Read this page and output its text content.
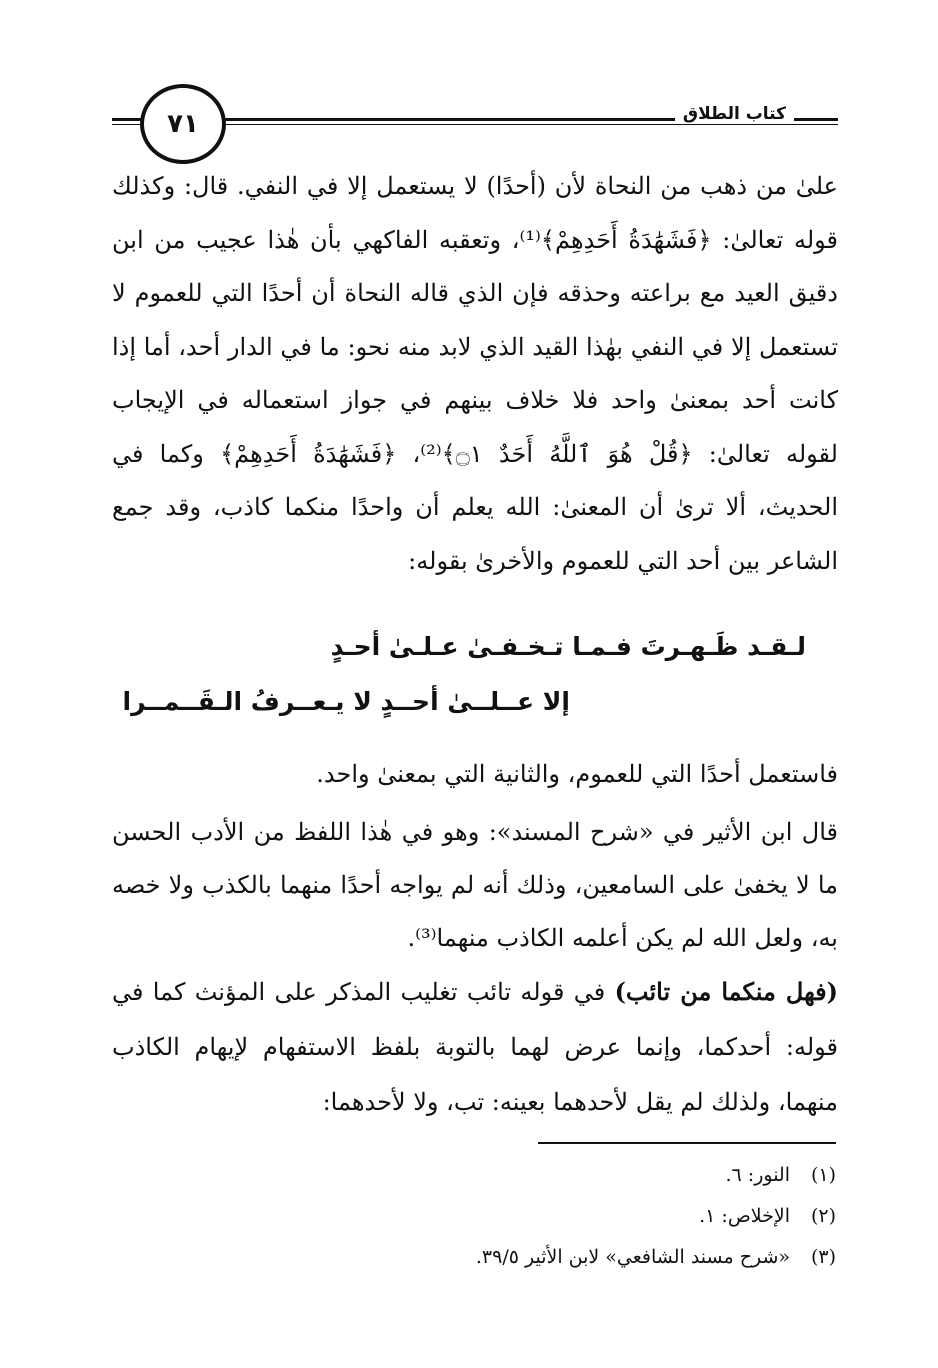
٧١	كتاب الطلاق
علىٰ من ذهب من النحاة لأن (أحدًا) لا يستعمل إلا في النفي. قال: وكذلك قوله تعالىٰ: ﴿فَشَهَٰدَةُ أَحَدِهِمْ﴾⁽¹⁾، وتعقبه الفاكهي بأن هٰذا عجيب من ابن دقيق العيد مع براعته وحذقه فإن الذي قاله النحاة أن أحدًا التي للعموم لا تستعمل إلا في النفي بهٰذا القيد الذي لابد منه نحو: ما في الدار أحد، أما إذا كانت أحد بمعنىٰ واحد فلا خلاف بينهم في جواز استعماله في الإيجاب لقوله تعالىٰ: ﴿قُلْ هُوَ ٱللَّهُ أَحَدٌ ۝١﴾⁽²⁾، ﴿فَشَهَٰدَةُ أَحَدِهِمْ﴾ وكما في الحديث، ألا ترىٰ أن المعنىٰ: الله يعلم أن واحدًا منكما كاذب، وقد جمع الشاعر بين أحد التي للعموم والأخرىٰ بقوله:
لـقـد ظَـهـرتَ فـمـا تـخـفـىٰ عـلـىٰ أحـدٍ
إلا عــلــىٰ أحــدٍ لا يـعــرفُ الـقَــمــرا
فاستعمل أحدًا التي للعموم، والثانية التي بمعنىٰ واحد.
قال ابن الأثير في «شرح المسند»: وهو في هٰذا اللفظ من الأدب الحسن ما لا يخفىٰ على السامعين، وذلك أنه لم يواجه أحدًا منهما بالكذب ولا خصه به، ولعل الله لم يكن أعلمه الكاذب منهما⁽³⁾.
(فهل منكما من تائب) في قوله تائب تغليب المذكر على المؤنث كما في قوله: أحدكما، وإنما عرض لهما بالتوبة بلفظ الاستفهام لإيهام الكاذب منهما، ولذلك لم يقل لأحدهما بعينه: تب، ولا لأحدهما:
(١)النور: ٦.
(٢)الإخلاص: ١.
(٣)«شرح مسند الشافعي» لابن الأثير ٣٩/٥.
